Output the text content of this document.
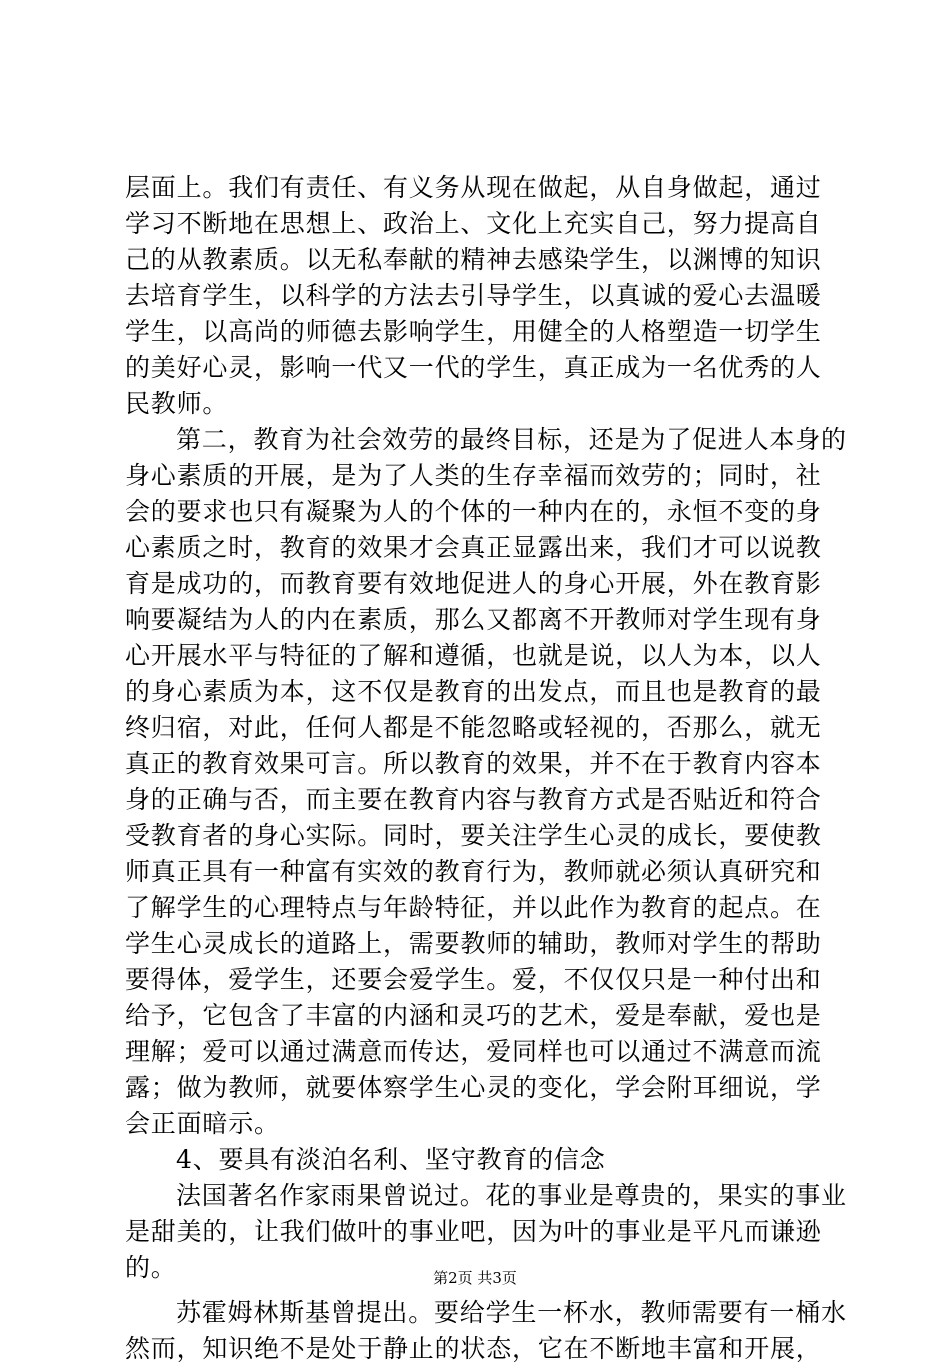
层面上。我们有责任、有义务从现在做起，从自身做起，通过
学习不断地在思想上、政治上、文化上充实自己，努力提高自
己的从教素质。以无私奉献的精神去感染学生，以渊博的知识
去培育学生，以科学的方法去引导学生，以真诚的爱心去温暖
学生，以高尚的师德去影响学生，用健全的人格塑造一切学生
的美好心灵，影响一代又一代的学生，真正成为一名优秀的人
民教师。
第二，教育为社会效劳的最终目标，还是为了促进人本身的
身心素质的开展，是为了人类的生存幸福而效劳的；同时，社
会的要求也只有凝聚为人的个体的一种内在的，永恒不变的身
心素质之时，教育的效果才会真正显露出来，我们才可以说教
育是成功的，而教育要有效地促进人的身心开展，外在教育影
响要凝结为人的内在素质，那么又都离不开教师对学生现有身
心开展水平与特征的了解和遵循，也就是说，以人为本，以人
的身心素质为本，这不仅是教育的出发点，而且也是教育的最
终归宿，对此，任何人都是不能忽略或轻视的，否那么，就无
真正的教育效果可言。所以教育的效果，并不在于教育内容本
身的正确与否，而主要在教育内容与教育方式是否贴近和符合
受教育者的身心实际。同时，要关注学生心灵的成长，要使教
师真正具有一种富有实效的教育行为，教师就必须认真研究和
了解学生的心理特点与年龄特征，并以此作为教育的起点。在
学生心灵成长的道路上，需要教师的辅助，教师对学生的帮助
要得体，爱学生，还要会爱学生。爱，不仅仅只是一种付出和
给予，它包含了丰富的内涵和灵巧的艺术，爱是奉献，爱也是
理解；爱可以通过满意而传达，爱同样也可以通过不满意而流
露；做为教师，就要体察学生心灵的变化，学会附耳细说，学
会正面暗示。
4、要具有淡泊名利、坚守教育的信念
法国著名作家雨果曾说过。花的事业是尊贵的，果实的事业
是甜美的，让我们做叶的事业吧，因为叶的事业是平凡而谦逊
的。
苏霍姆林斯基曾提出。要给学生一杯水，教师需要有一桶水
然而，知识绝不是处于静止的状态，它在不断地丰富和开展，
第2页 共3页
